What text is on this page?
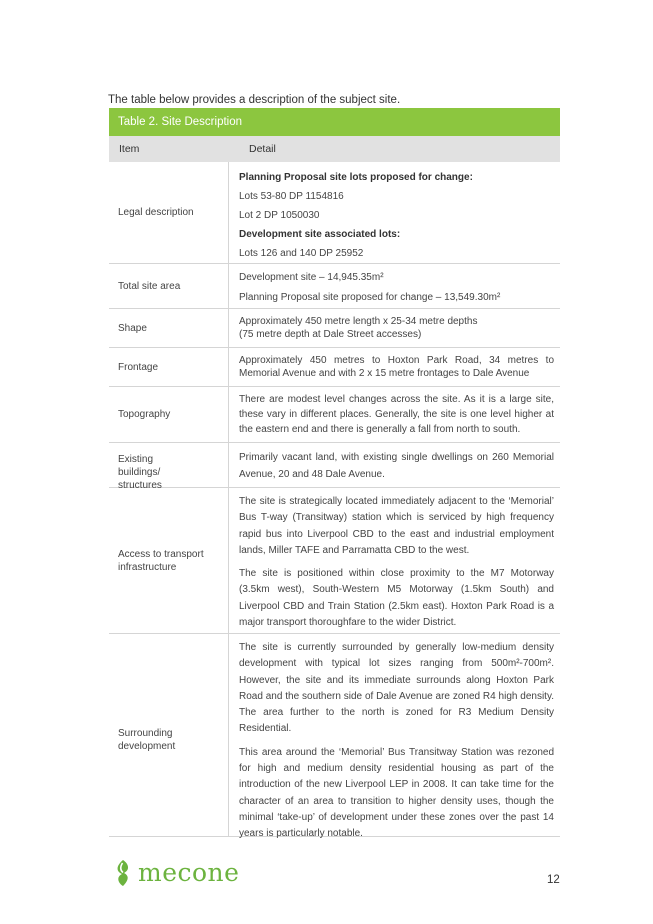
The table below provides a description of the subject site.

Table 2. Site Description
Item	Detail
Legal description

Planning Proposal site lots proposed for change:

Lots 53-80 DP 1154816

Lot 2 DP 1050030

Development site associated lots:

Lots 126 and 140 DP 25952

Total site area

Development site – 14,945.35m²

Planning Proposal site proposed for change – 13,549.30m²

Shape

Approximately 450 metre length x 25-34 metre depths

(75 metre depth at Dale Street accesses)

Frontage

Approximately 450 metres to Hoxton Park Road, 34 metres to Memorial Avenue and with 2 x 15 metre frontages to Dale Avenue

Topography

There are modest level changes across the site. As it is a large site, these vary in different places. Generally, the site is one level higher at the eastern end and there is generally a fall from north to south.

Existing buildings/ structures

Primarily vacant land, with existing single dwellings on 260 Memorial Avenue, 20 and 48 Dale Avenue.

Access to transport infrastructure

The site is strategically located immediately adjacent to the ‘Memorial’ Bus T-way (Transitway) station which is serviced by high frequency rapid bus into Liverpool CBD to the east and industrial employment lands, Miller TAFE and Parramatta CBD to the west.

The site is positioned within close proximity to the M7 Motorway (3.5km west), South-Western M5 Motorway (1.5km South) and Liverpool CBD and Train Station (2.5km east). Hoxton Park Road is a major transport thoroughfare to the wider District.

Surrounding development

The site is currently surrounded by generally low-medium density development with typical lot sizes ranging from 500m²-700m². However, the site and its immediate surrounds along Hoxton Park Road and the southern side of Dale Avenue are zoned R4 high density. The area further to the north is zoned for R3 Medium Density Residential.

This area around the ‘Memorial’ Bus Transitway Station was rezoned for high and medium density residential housing as part of the introduction of the new Liverpool LEP in 2008. It can take time for the character of an area to transition to higher density uses, though the minimal ‘take-up’ of development under these zones over the past 14 years is particularly notable.

mecone	12
